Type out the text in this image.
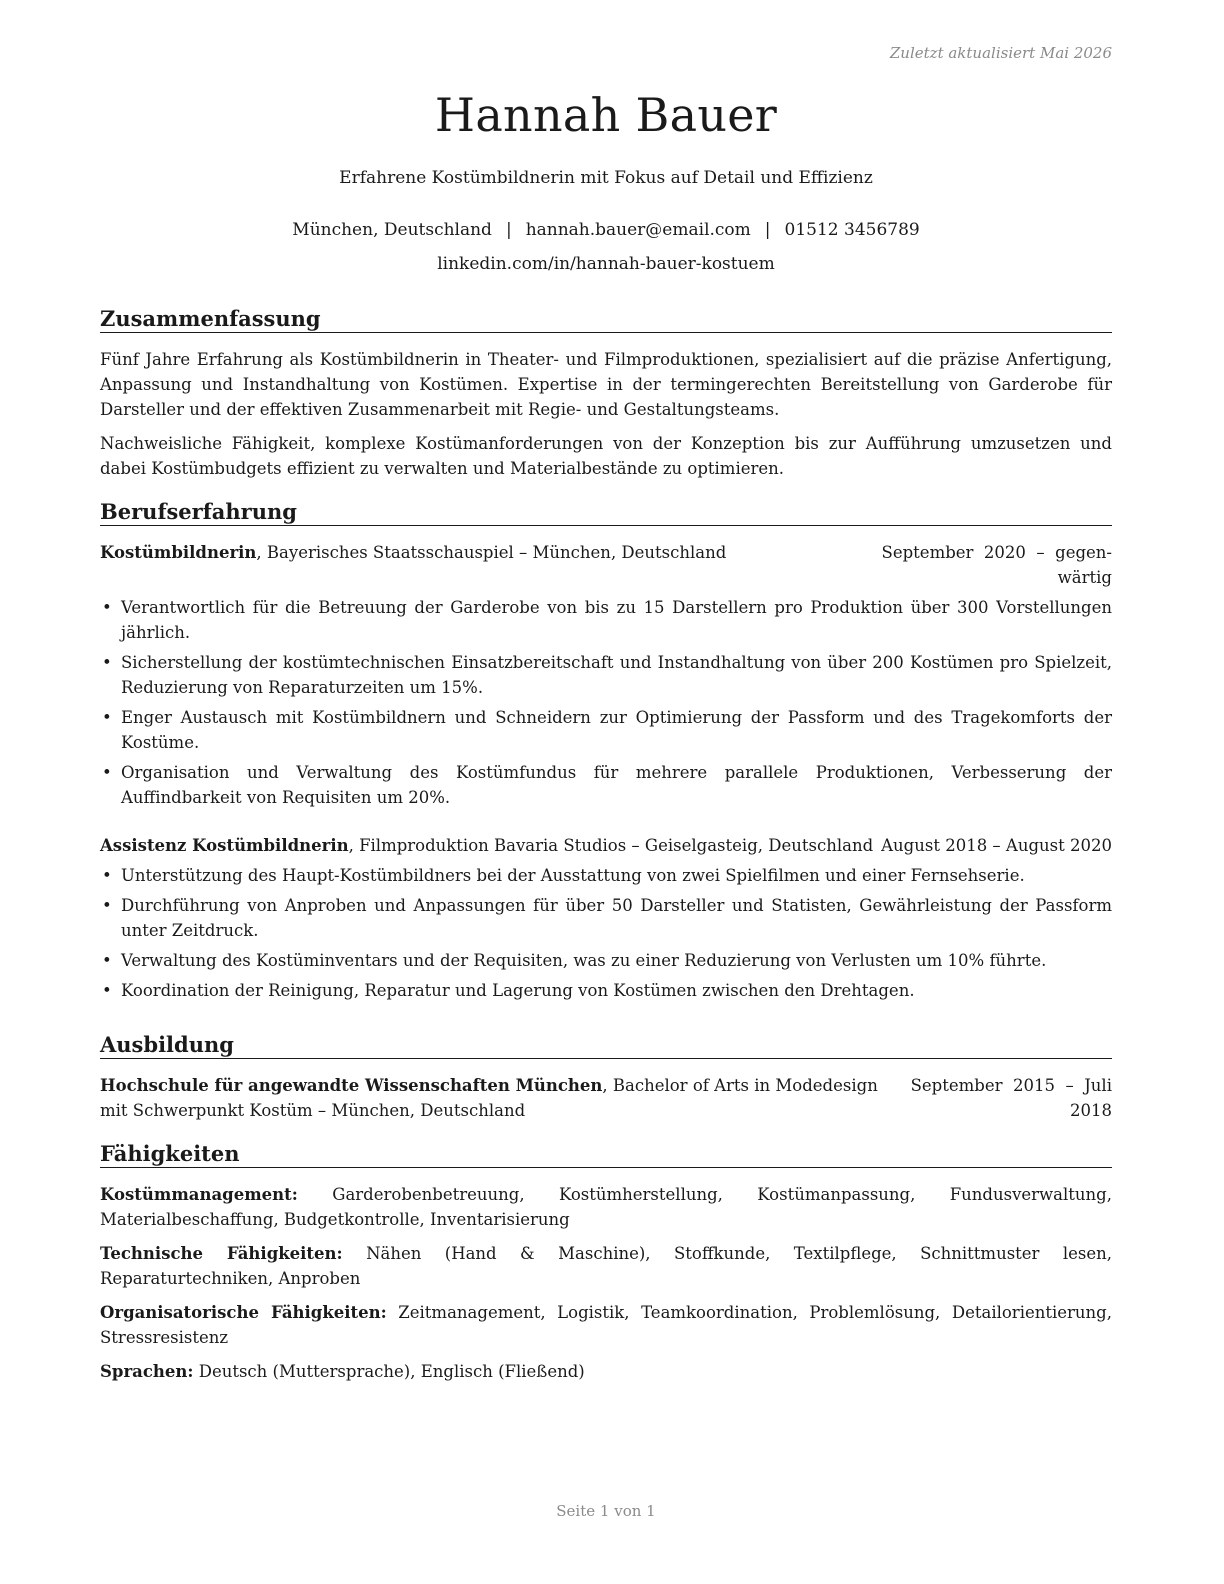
Zuletzt aktualisiert Mai 2026
Hannah Bauer
Erfahrene Kostümbildnerin mit Fokus auf Detail und Effizienz
München, Deutschland | hannah.bauer@email.com | 01512 3456789
linkedin.com/in/hannah-bauer-kostuem
Zusammenfassung
Fünf Jahre Erfahrung als Kostümbildnerin in Theater- und Filmproduktionen, spezialisiert auf die präzise Anfertigung, Anpassung und Instandhaltung von Kostümen. Expertise in der termingerechten Bereitstellung von Garderobe für Darsteller und der effektiven Zusammenarbeit mit Regie- und Gestaltungsteams.
Nachweisliche Fähigkeit, komplexe Kostümanforderungen von der Konzeption bis zur Aufführung umzusetzen und dabei Kostümbudgets effizient zu verwalten und Materialbestände zu optimieren.
Berufserfahrung
Kostümbildnerin, Bayerisches Staatsschauspiel – München, Deutschland	September  2020  –  gegen-
wärtig
• Verantwortlich für die Betreuung der Garderobe von bis zu 15 Darstellern pro Produktion über 300 Vorstellungen jährlich.
• Sicherstellung der kostümtechnischen Einsatzbereitschaft und Instandhaltung von über 200 Kostümen pro Spielzeit, Reduzierung von Reparaturzeiten um 15%.
• Enger Austausch mit Kostümbildnern und Schneidern zur Optimierung der Passform und des Tragekomforts der Kostüme.
• Organisation und Verwaltung des Kostümfundus für mehrere parallele Produktionen, Verbesserung der Auffindbarkeit von Requisiten um 20%.
Assistenz Kostümbildnerin, Filmproduktion Bavaria Studios – Geiselgasteig, Deutschland August 2018 – August 2020
• Unterstützung des Haupt-Kostümbildners bei der Ausstattung von zwei Spielfilmen und einer Fernsehserie.
• Durchführung von Anproben und Anpassungen für über 50 Darsteller und Statisten, Gewährleistung der Passform unter Zeitdruck.
• Verwaltung des Kostüminventars und der Requisiten, was zu einer Reduzierung von Verlusten um 10% führte.
• Koordination der Reinigung, Reparatur und Lagerung von Kostümen zwischen den Drehtagen.
Ausbildung
Hochschule für angewandte Wissenschaften München, Bachelor of Arts in Modedesign
mit Schwerpunkt Kostüm – München, Deutschland
September  2015  –  Juli
2018
Fähigkeiten
Kostümmanagement: Garderobenbetreuung, Kostümherstellung, Kostümanpassung, Fundusverwaltung, Materialbeschaffung, Budgetkontrolle, Inventarisierung
Technische Fähigkeiten: Nähen (Hand & Maschine), Stoffkunde, Textilpflege, Schnittmuster lesen, Reparaturtechniken, Anproben
Organisatorische Fähigkeiten: Zeitmanagement, Logistik, Teamkoordination, Problemlösung, Detailorientierung, Stressresistenz
Sprachen: Deutsch (Muttersprache), Englisch (Fließend)
Seite 1 von 1
